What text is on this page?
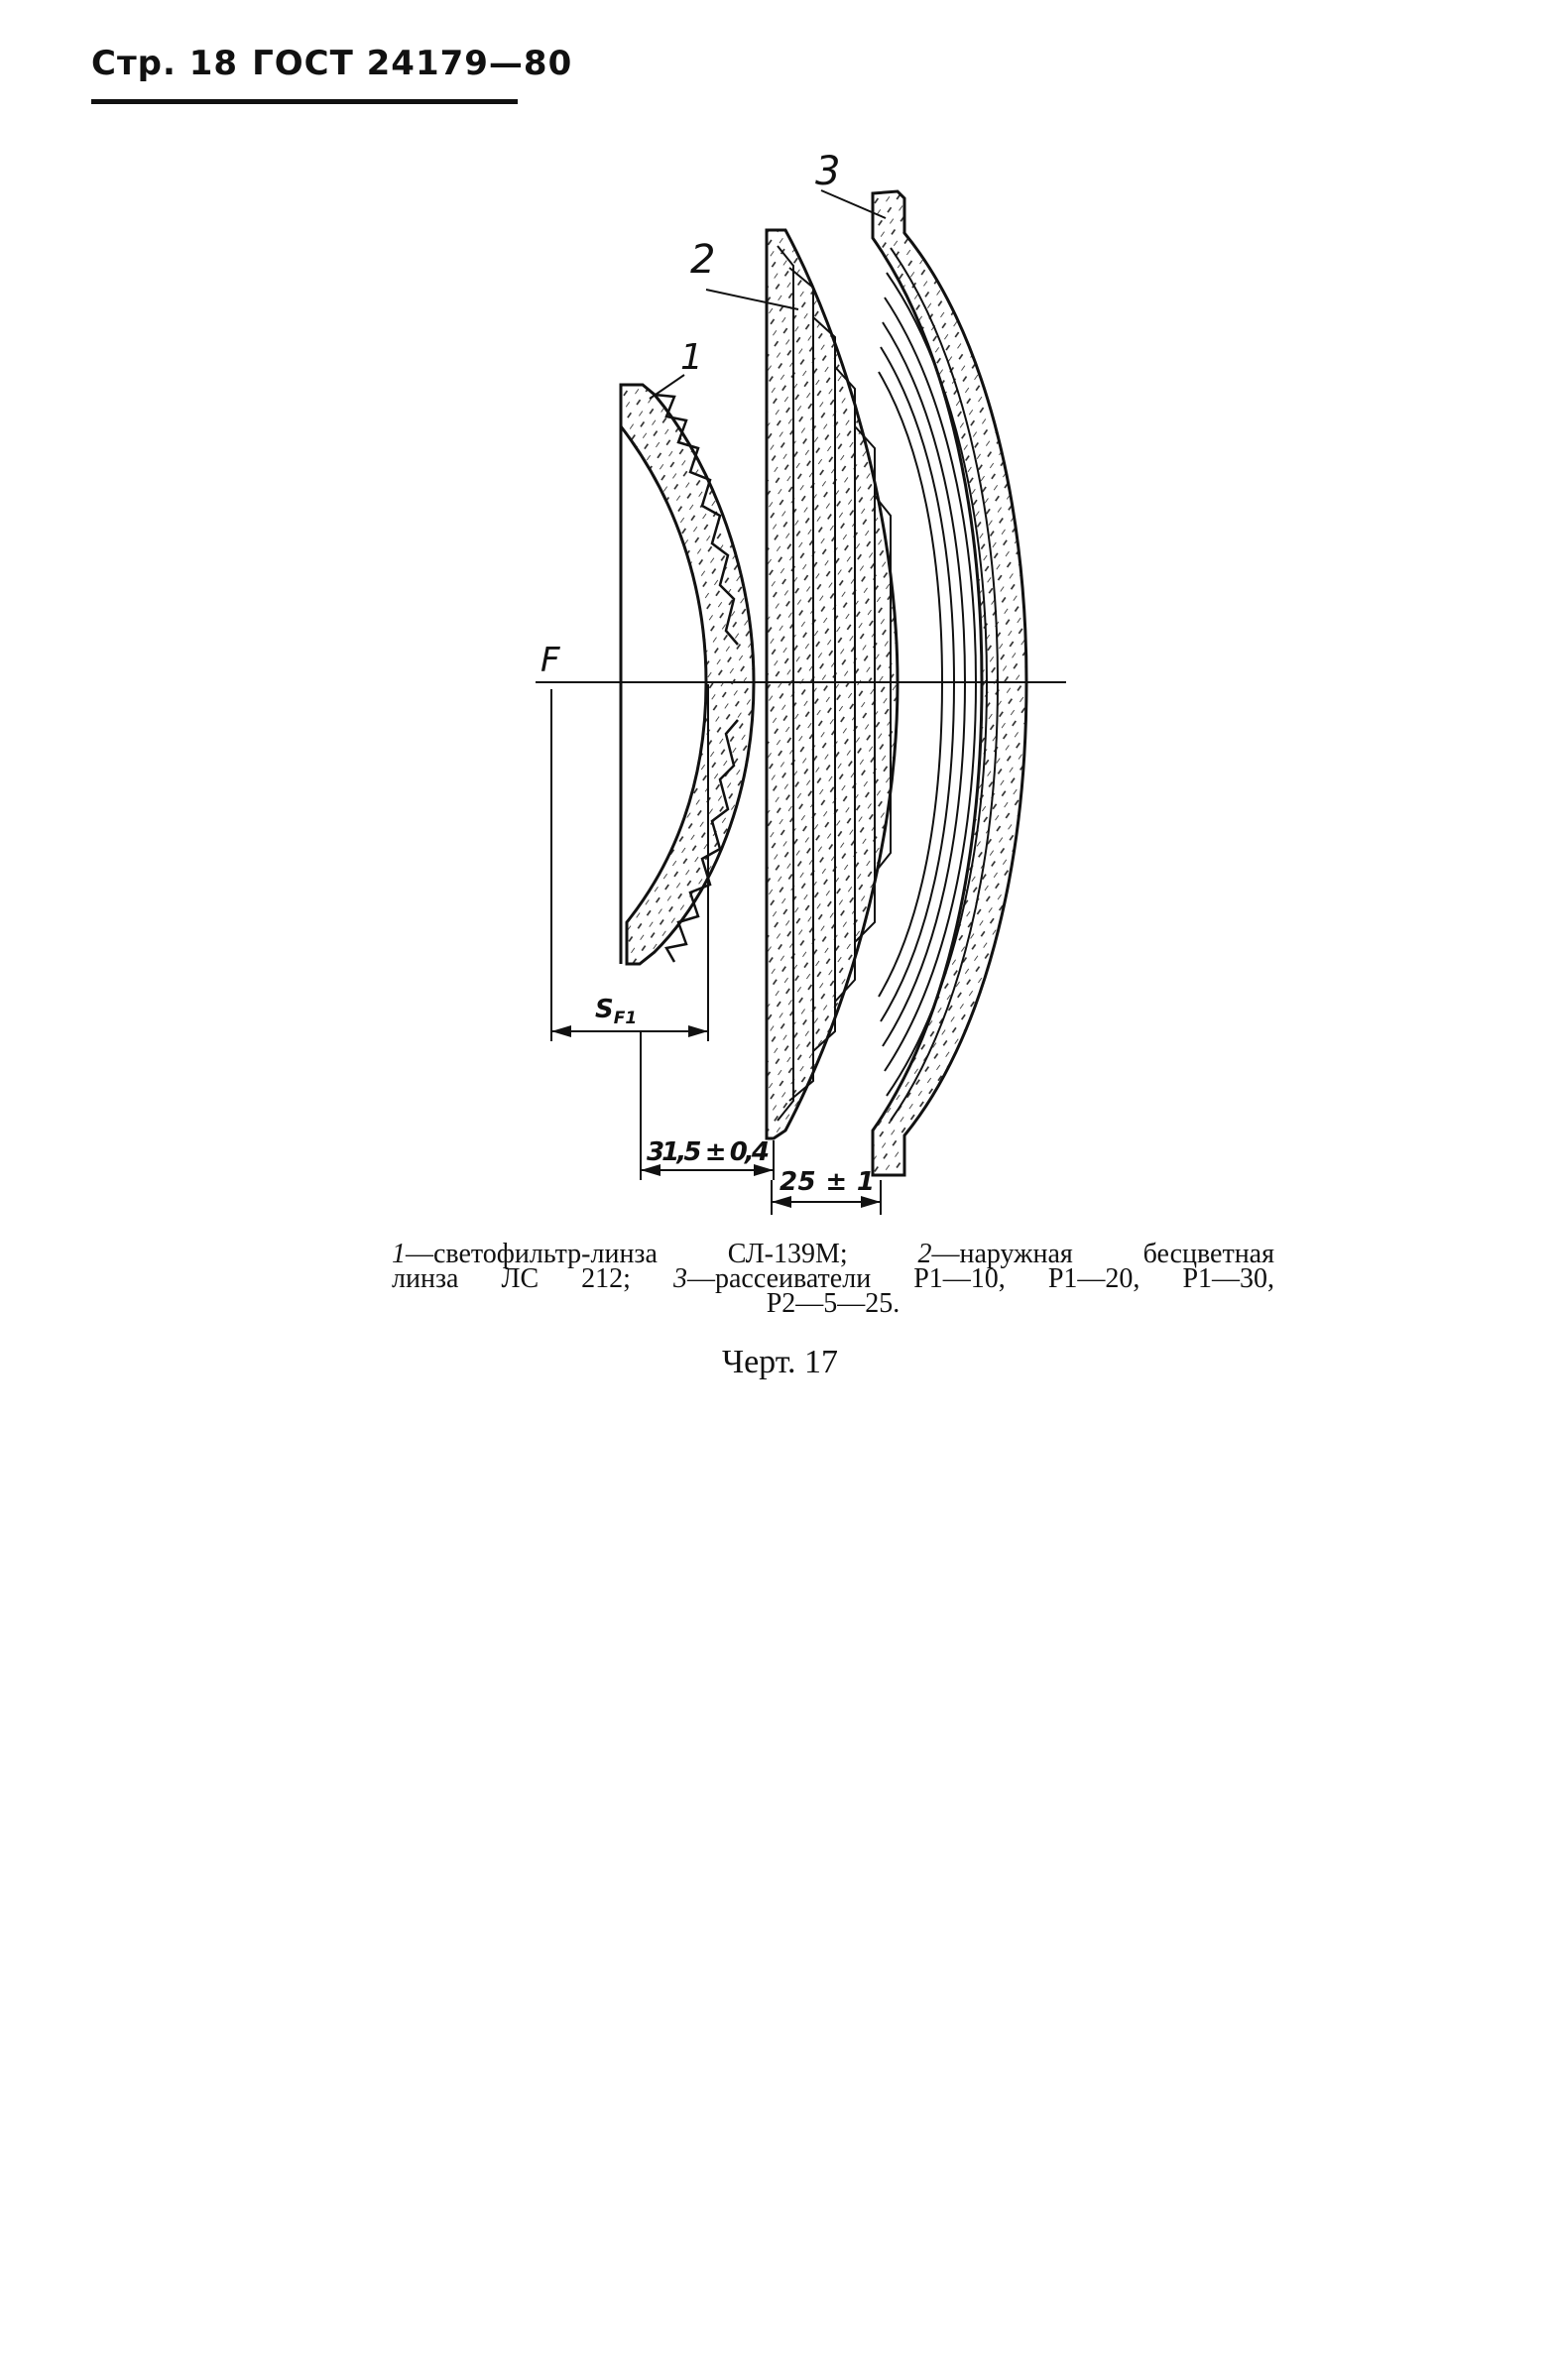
Стр. 18 ГОСТ 24179—80
1
2
3
F
$S_{F1}$
31,5 ± 0,4
25 ± 1
1—светофильтр-линза СЛ-139М;	2—наружная бесцветная
линза ЛС 212; 3—рассеиватели Р1—10, Р1—20, Р1—30,
Р2—5—25.
Черт. 17
